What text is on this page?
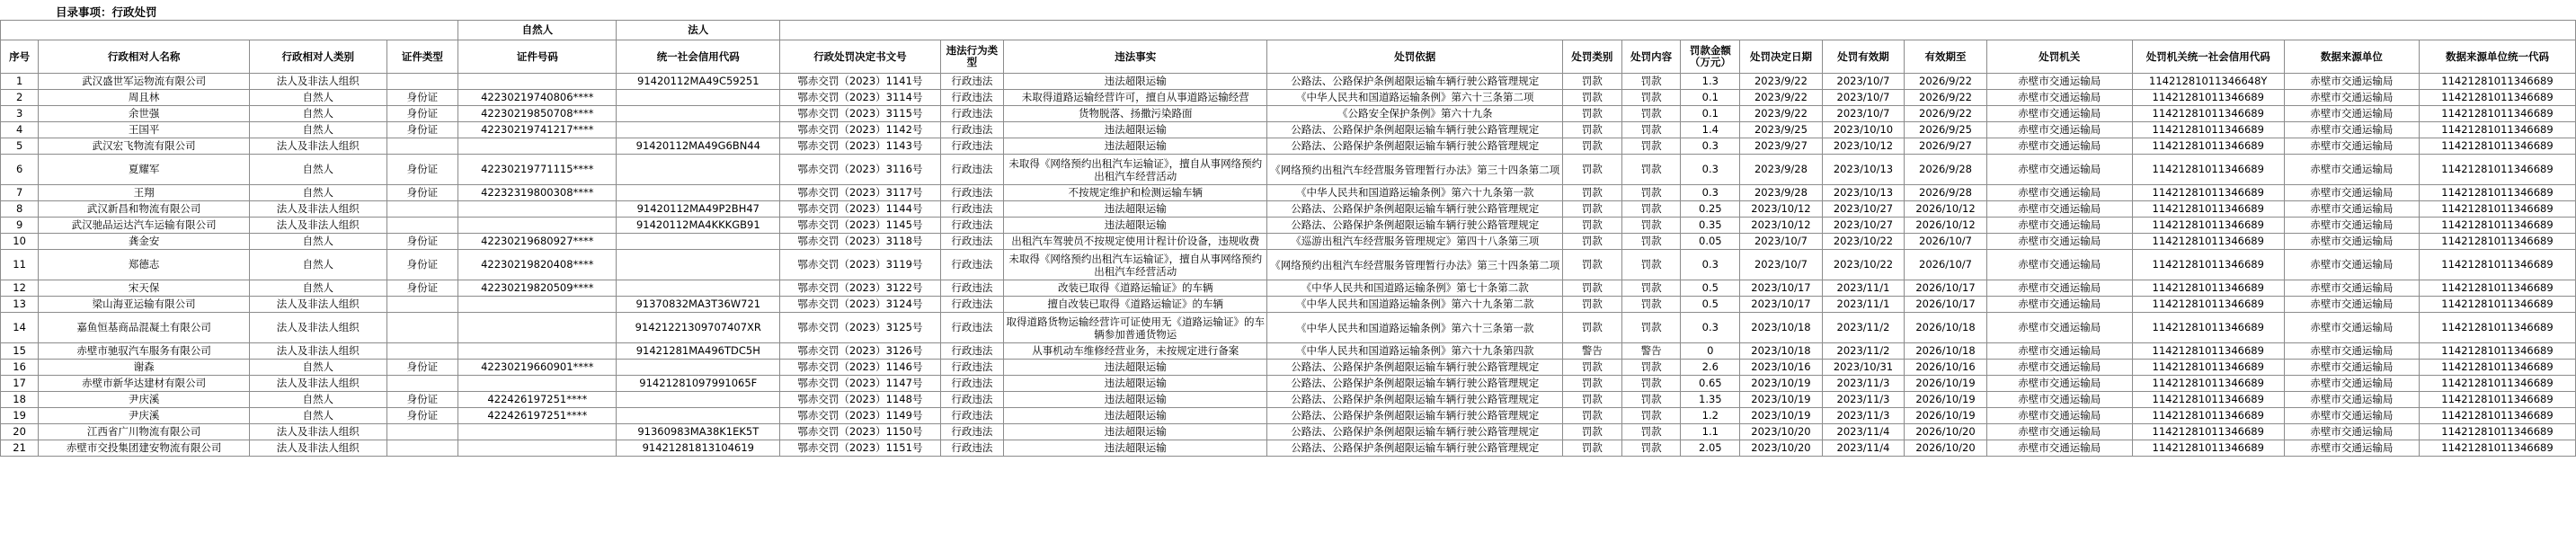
目录事项：行政处罚
				自然人	法人														
序号	行政相对人名称	行政相对人类别	证件类型	证件号码	统一社会信用代码	行政处罚决定书文号	违法行为类型	违法事实	处罚依据	处罚类别	处罚内容	罚款金额（万元）	处罚决定日期	处罚有效期	有效期至	处罚机关	处罚机关统一社会信用代码	数据来源单位	数据来源单位统一代码
1	武汉盛世军运物流有限公司	法人及非法人组织			91420112MA49C59251	鄂赤交罚（2023）1141号	行政违法	违法超限运输	公路法、公路保护条例超限运输车辆行驶公路管理规定	罚款	罚款	1.3	2023/9/22	2023/10/7	2026/9/22	赤壁市交通运输局	11421281011346648Y	赤壁市交通运输局	11421281011346689
2	周且林	自然人	身份证	42230219740806****		鄂赤交罚（2023）3114号	行政违法	未取得道路运输经营许可，擅自从事道路运输经营	《中华人民共和国道路运输条例》第六十三条第二项	罚款	罚款	0.1	2023/9/22	2023/10/7	2026/9/22	赤壁市交通运输局	11421281011346689	赤壁市交通运输局	11421281011346689
3	余世强	自然人	身份证	42230219850708****		鄂赤交罚（2023）3115号	行政违法	货物脱落、扬撒污染路面	《公路安全保护条例》第六十九条	罚款	罚款	0.1	2023/9/22	2023/10/7	2026/9/22	赤壁市交通运输局	11421281011346689	赤壁市交通运输局	11421281011346689
4	王国平	自然人	身份证	42230219741217****		鄂赤交罚（2023）1142号	行政违法	违法超限运输	公路法、公路保护条例超限运输车辆行驶公路管理规定	罚款	罚款	1.4	2023/9/25	2023/10/10	2026/9/25	赤壁市交通运输局	11421281011346689	赤壁市交通运输局	11421281011346689
5	武汉宏飞物流有限公司	法人及非法人组织			91420112MA49G6BN44	鄂赤交罚（2023）1143号	行政违法	违法超限运输	公路法、公路保护条例超限运输车辆行驶公路管理规定	罚款	罚款	0.3	2023/9/27	2023/10/12	2026/9/27	赤壁市交通运输局	11421281011346689	赤壁市交通运输局	11421281011346689
6	夏耀军	自然人	身份证	42230219771115****		鄂赤交罚（2023）3116号	行政违法	未取得《网络预约出租汽车运输证》，擅自从事网络预约出租汽车经营活动	《网络预约出租汽车经营服务管理暂行办法》第三十四条第二项	罚款	罚款	0.3	2023/9/28	2023/10/13	2026/9/28	赤壁市交通运输局	11421281011346689	赤壁市交通运输局	11421281011346689
7	王翔	自然人	身份证	42232319800308****		鄂赤交罚（2023）3117号	行政违法	不按规定维护和检测运输车辆	《中华人民共和国道路运输条例》第六十九条第一款	罚款	罚款	0.3	2023/9/28	2023/10/13	2026/9/28	赤壁市交通运输局	11421281011346689	赤壁市交通运输局	11421281011346689
8	武汉新昌和物流有限公司	法人及非法人组织			91420112MA49P2BH47	鄂赤交罚（2023）1144号	行政违法	违法超限运输	公路法、公路保护条例超限运输车辆行驶公路管理规定	罚款	罚款	0.25	2023/10/12	2023/10/27	2026/10/12	赤壁市交通运输局	11421281011346689	赤壁市交通运输局	11421281011346689
9	武汉驰品运达汽车运输有限公司	法人及非法人组织			91420112MA4KKKGB91	鄂赤交罚（2023）1145号	行政违法	违法超限运输	公路法、公路保护条例超限运输车辆行驶公路管理规定	罚款	罚款	0.35	2023/10/12	2023/10/27	2026/10/12	赤壁市交通运输局	11421281011346689	赤壁市交通运输局	11421281011346689
10	龚金安	自然人	身份证	42230219680927****		鄂赤交罚（2023）3118号	行政违法	出租汽车驾驶员不按规定使用计程计价设备，违规收费	《巡游出租汽车经营服务管理规定》第四十八条第三项	罚款	罚款	0.05	2023/10/7	2023/10/22	2026/10/7	赤壁市交通运输局	11421281011346689	赤壁市交通运输局	11421281011346689
11	郑德志	自然人	身份证	42230219820408****		鄂赤交罚（2023）3119号	行政违法	未取得《网络预约出租汽车运输证》，擅自从事网络预约出租汽车经营活动	《网络预约出租汽车经营服务管理暂行办法》第三十四条第二项	罚款	罚款	0.3	2023/10/7	2023/10/22	2026/10/7	赤壁市交通运输局	11421281011346689	赤壁市交通运输局	11421281011346689
12	宋天保	自然人	身份证	42230219820509****		鄂赤交罚（2023）3122号	行政违法	改装已取得《道路运输证》的车辆	《中华人民共和国道路运输条例》第七十条第二款	罚款	罚款	0.5	2023/10/17	2023/11/1	2026/10/17	赤壁市交通运输局	11421281011346689	赤壁市交通运输局	11421281011346689
13	梁山海亚运输有限公司	法人及非法人组织			91370832MA3T36W721	鄂赤交罚（2023）3124号	行政违法	擅自改装已取得《道路运输证》的车辆	《中华人民共和国道路运输条例》第六十九条第二款	罚款	罚款	0.5	2023/10/17	2023/11/1	2026/10/17	赤壁市交通运输局	11421281011346689	赤壁市交通运输局	11421281011346689
14	嘉鱼恒基商品混凝土有限公司	法人及非法人组织			91421221309707407XR	鄂赤交罚（2023）3125号	行政违法	取得道路货物运输经营许可证使用无《道路运输证》的车辆参加普通货物运	《中华人民共和国道路运输条例》第六十三条第一款	罚款	罚款	0.3	2023/10/18	2023/11/2	2026/10/18	赤壁市交通运输局	11421281011346689	赤壁市交通运输局	11421281011346689
15	赤壁市驰驭汽车服务有限公司	法人及非法人组织			91421281MA496TDC5H	鄂赤交罚（2023）3126号	行政违法	从事机动车维修经营业务，未按规定进行备案	《中华人民共和国道路运输条例》第六十九条第四款	警告	警告	0	2023/10/18	2023/11/2	2026/10/18	赤壁市交通运输局	11421281011346689	赤壁市交通运输局	11421281011346689
16	谢森	自然人	身份证	42230219660901****		鄂赤交罚（2023）1146号	行政违法	违法超限运输	公路法、公路保护条例超限运输车辆行驶公路管理规定	罚款	罚款	2.6	2023/10/16	2023/10/31	2026/10/16	赤壁市交通运输局	11421281011346689	赤壁市交通运输局	11421281011346689
17	赤壁市新华达建材有限公司	法人及非法人组织			91421281097991065F	鄂赤交罚（2023）1147号	行政违法	违法超限运输	公路法、公路保护条例超限运输车辆行驶公路管理规定	罚款	罚款	0.65	2023/10/19	2023/11/3	2026/10/19	赤壁市交通运输局	11421281011346689	赤壁市交通运输局	11421281011346689
18	尹庆溪	自然人	身份证	422426197251****		鄂赤交罚（2023）1148号	行政违法	违法超限运输	公路法、公路保护条例超限运输车辆行驶公路管理规定	罚款	罚款	1.35	2023/10/19	2023/11/3	2026/10/19	赤壁市交通运输局	11421281011346689	赤壁市交通运输局	11421281011346689
19	尹庆溪	自然人	身份证	422426197251****		鄂赤交罚（2023）1149号	行政违法	违法超限运输	公路法、公路保护条例超限运输车辆行驶公路管理规定	罚款	罚款	1.2	2023/10/19	2023/11/3	2026/10/19	赤壁市交通运输局	11421281011346689	赤壁市交通运输局	11421281011346689
20	江西省广川物流有限公司	法人及非法人组织			91360983MA38K1EK5T	鄂赤交罚（2023）1150号	行政违法	违法超限运输	公路法、公路保护条例超限运输车辆行驶公路管理规定	罚款	罚款	1.1	2023/10/20	2023/11/4	2026/10/20	赤壁市交通运输局	11421281011346689	赤壁市交通运输局	11421281011346689
21	赤壁市交投集团建安物流有限公司	法人及非法人组织			91421281813104619	鄂赤交罚（2023）1151号	行政违法	违法超限运输	公路法、公路保护条例超限运输车辆行驶公路管理规定	罚款	罚款	2.05	2023/10/20	2023/11/4	2026/10/20	赤壁市交通运输局	11421281011346689	赤壁市交通运输局	11421281011346689
